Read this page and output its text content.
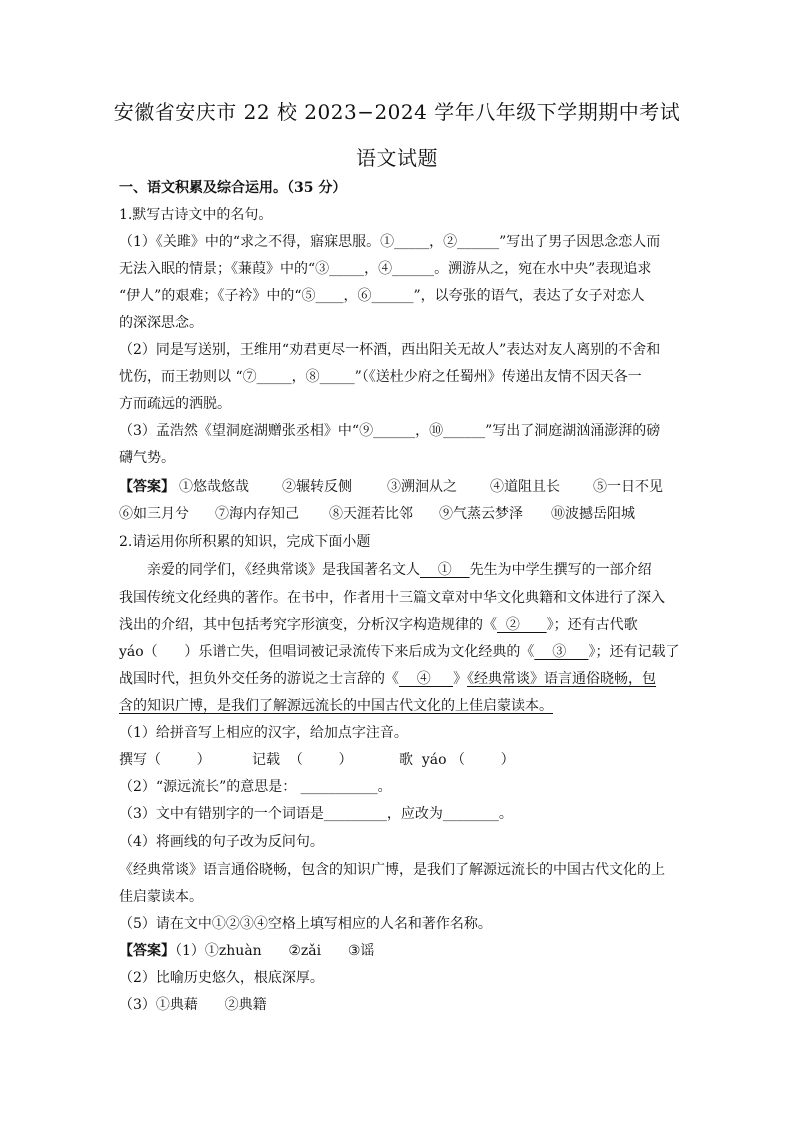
安徽省安庆市 22 校 2023−2024 学年八年级下学期期中考试
语文试题
一、语文积累及综合运用。（35 分）
1.默写古诗文中的名句。
（1）《关雎》中的“求之不得，寤寐思服。①_____，②______”写出了男子因思念恋人而
无法入眠的情景；《蒹葭》中的“③_____，④______。溯游从之，宛在水中央”表现追求
“伊人”的艰难；《子衿》中的“⑤____，⑥______”，以夸张的语气，表达了女子对恋人
的深深思念。
（2）同是写送别，王维用“劝君更尽一杯酒，西出阳关无故人”表达对友人离别的不舍和
忧伤，而王勃则以 “⑦_____，⑧_____”（《送杜少府之任蜀州》传递出友情不因天各一
方而疏远的洒脱。
（3）孟浩然《望洞庭湖赠张丞相》中“⑨______，⑩______”写出了洞庭湖汹涌澎湃的磅
礴气势。
【答案】 ①悠哉悠哉 ②辗转反侧	③溯洄从之 ④道阻且长 ⑤一日不见
⑥如三月兮 ⑦海内存知己 ⑧天涯若比邻 ⑨气蒸云梦泽 ⑩波撼岳阳城
2.请运用你所积累的知识，完成下面小题
亲爱的同学们，《经典常谈》是我国著名文人    ①    先生为中学生撰写的一部介绍
我国传统文化经典的著作。在书中，作者用十三篇文章对中华文化典籍和文体进行了深入
浅出的介绍，其中包括考究字形演变，分析汉字构造规律的《  ②      》；还有古代歌
yáo（      ）乐谱亡失，但唱词被记录流传下来后成为文化经典的《    ③     》；还有记载了
战国时代，担负外交任务的游说之士言辞的《    ④     》《经典常谈》语言通俗晓畅，包
含的知识广博，是我们了解源远流长的中国古代文化的上佳启蒙读本。
（1）给拼音写上相应的汉字，给加点字注音。
撰写（        ）	记载  （        ）	歌  yáo （        ）
（2）“源远流长”的意思是： ___________。
（3）文中有错别字的一个词语是_________，应改为________。
（4）将画线的句子改为反问句。
《经典常谈》语言通俗晓畅，包含的知识广博，是我们了解源远流长的中国古代文化的上
佳启蒙读本。
（5）请在文中①②③④空格上填写相应的人名和著作名称。
【答案】（1）①zhuàn      ②zǎi      ③谣
（2）比喻历史悠久，根底深厚。
（3）①典藉      ②典籍
